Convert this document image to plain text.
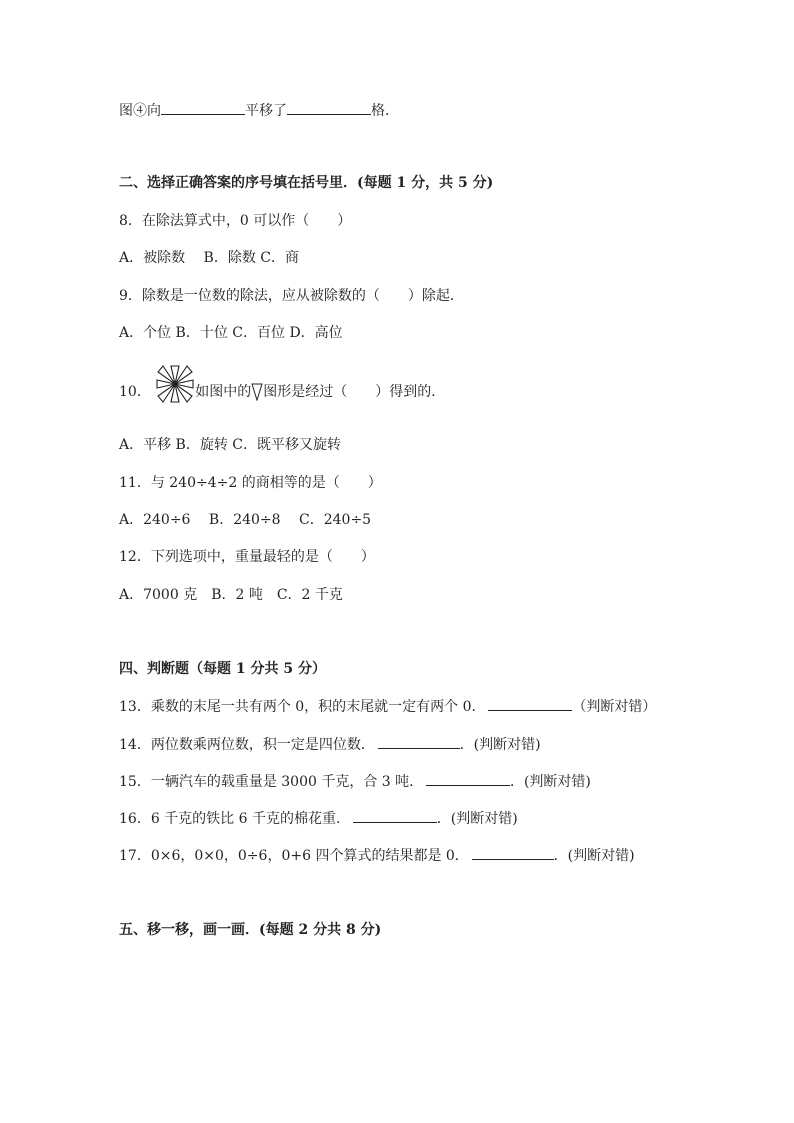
图④向	平移了	格．
二、选择正确答案的序号填在括号里．(每题 1 分，共 5 分)
8．在除法算式中，0 可以作（　　）
A．被除数　 B．除数 C．商
9．除数是一位数的除法，应从被除数的（　　）除起．
A．个位 B．十位 C．百位 D．高位
10．	如图中的 图形是经过（　　）得到的．
A．平移 B．旋转 C．既平移又旋转
11．与 240÷4÷2 的商相等的是（　　）
A．240÷6　 B．240÷8　 C．240÷5
12．下列选项中，重量最轻的是（　　）
A．7000 克　B．2 吨　C．2 千克
四、判断题（每题 1 分共 5 分）
13．乘数的末尾一共有两个 0，积的末尾就一定有两个 0． 	（判断对错）
14．两位数乘两位数，积一定是四位数． 	．(判断对错)
15．一辆汽车的载重量是 3000 千克，合 3 吨． 	．(判断对错)
16．6 千克的铁比 6 千克的棉花重． 	．(判断对错)
17．0×6，0×0，0÷6，0+6 四个算式的结果都是 0． 	．(判断对错)
五、移一移，画一画．(每题 2 分共 8 分)
